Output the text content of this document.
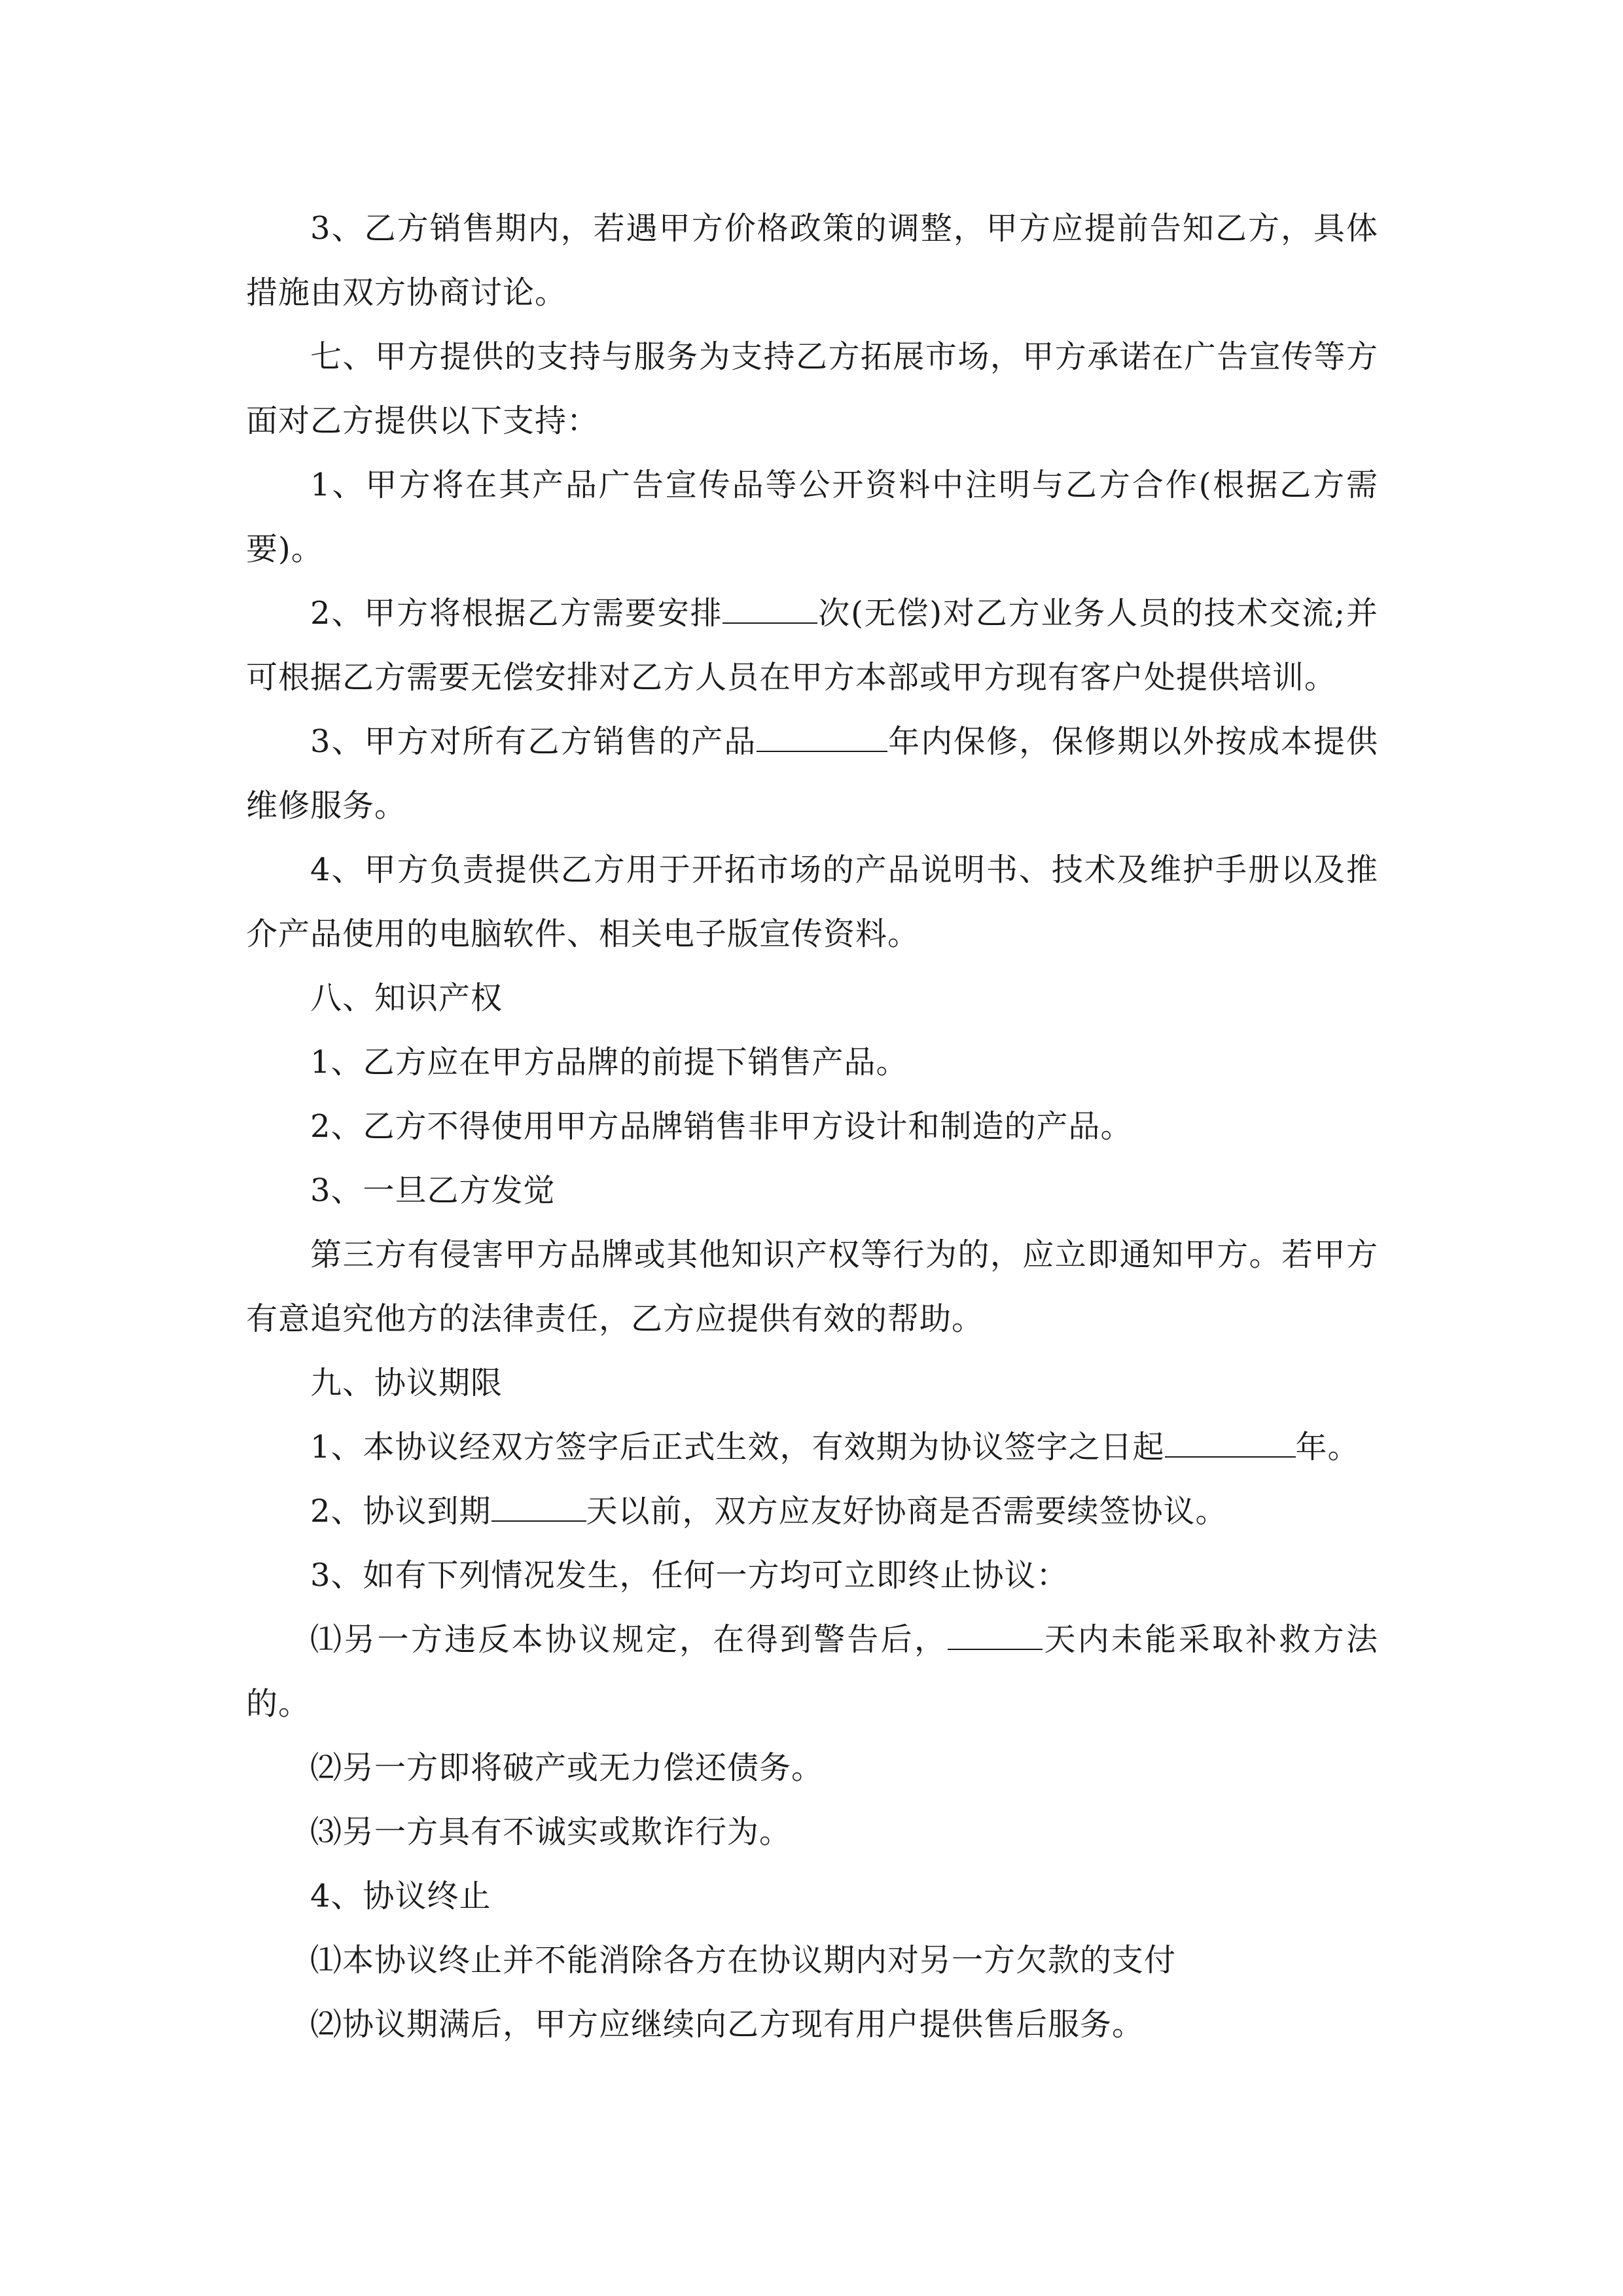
3、乙方销售期内，若遇甲方价格政策的调整，甲方应提前告知乙方，具体措施由双方协商讨论。

七、甲方提供的支持与服务为支持乙方拓展市场，甲方承诺在广告宣传等方面对乙方提供以下支持：

1、甲方将在其产品广告宣传品等公开资料中注明与乙方合作(根据乙方需要)。

2、甲方将根据乙方需要安排	次(无偿)对乙方业务人员的技术交流;并可根据乙方需要无偿安排对乙方人员在甲方本部或甲方现有客户处提供培训。

3、甲方对所有乙方销售的产品	年内保修，保修期以外按成本提供维修服务。

4、甲方负责提供乙方用于开拓市场的产品说明书、技术及维护手册以及推介产品使用的电脑软件、相关电子版宣传资料。

八、知识产权

1、乙方应在甲方品牌的前提下销售产品。

2、乙方不得使用甲方品牌销售非甲方设计和制造的产品。

3、一旦乙方发觉

第三方有侵害甲方品牌或其他知识产权等行为的，应立即通知甲方。若甲方有意追究他方的法律责任，乙方应提供有效的帮助。

九、协议期限

1、本协议经双方签字后正式生效，有效期为协议签字之日起	年。

2、协议到期	天以前，双方应友好协商是否需要续签协议。

3、如有下列情况发生，任何一方均可立即终止协议：

⑴另一方违反本协议规定，在得到警告后，	天内未能采取补救方法的。

⑵另一方即将破产或无力偿还债务。

⑶另一方具有不诚实或欺诈行为。

4、协议终止

⑴本协议终止并不能消除各方在协议期内对另一方欠款的支付

⑵协议期满后，甲方应继续向乙方现有用户提供售后服务。
